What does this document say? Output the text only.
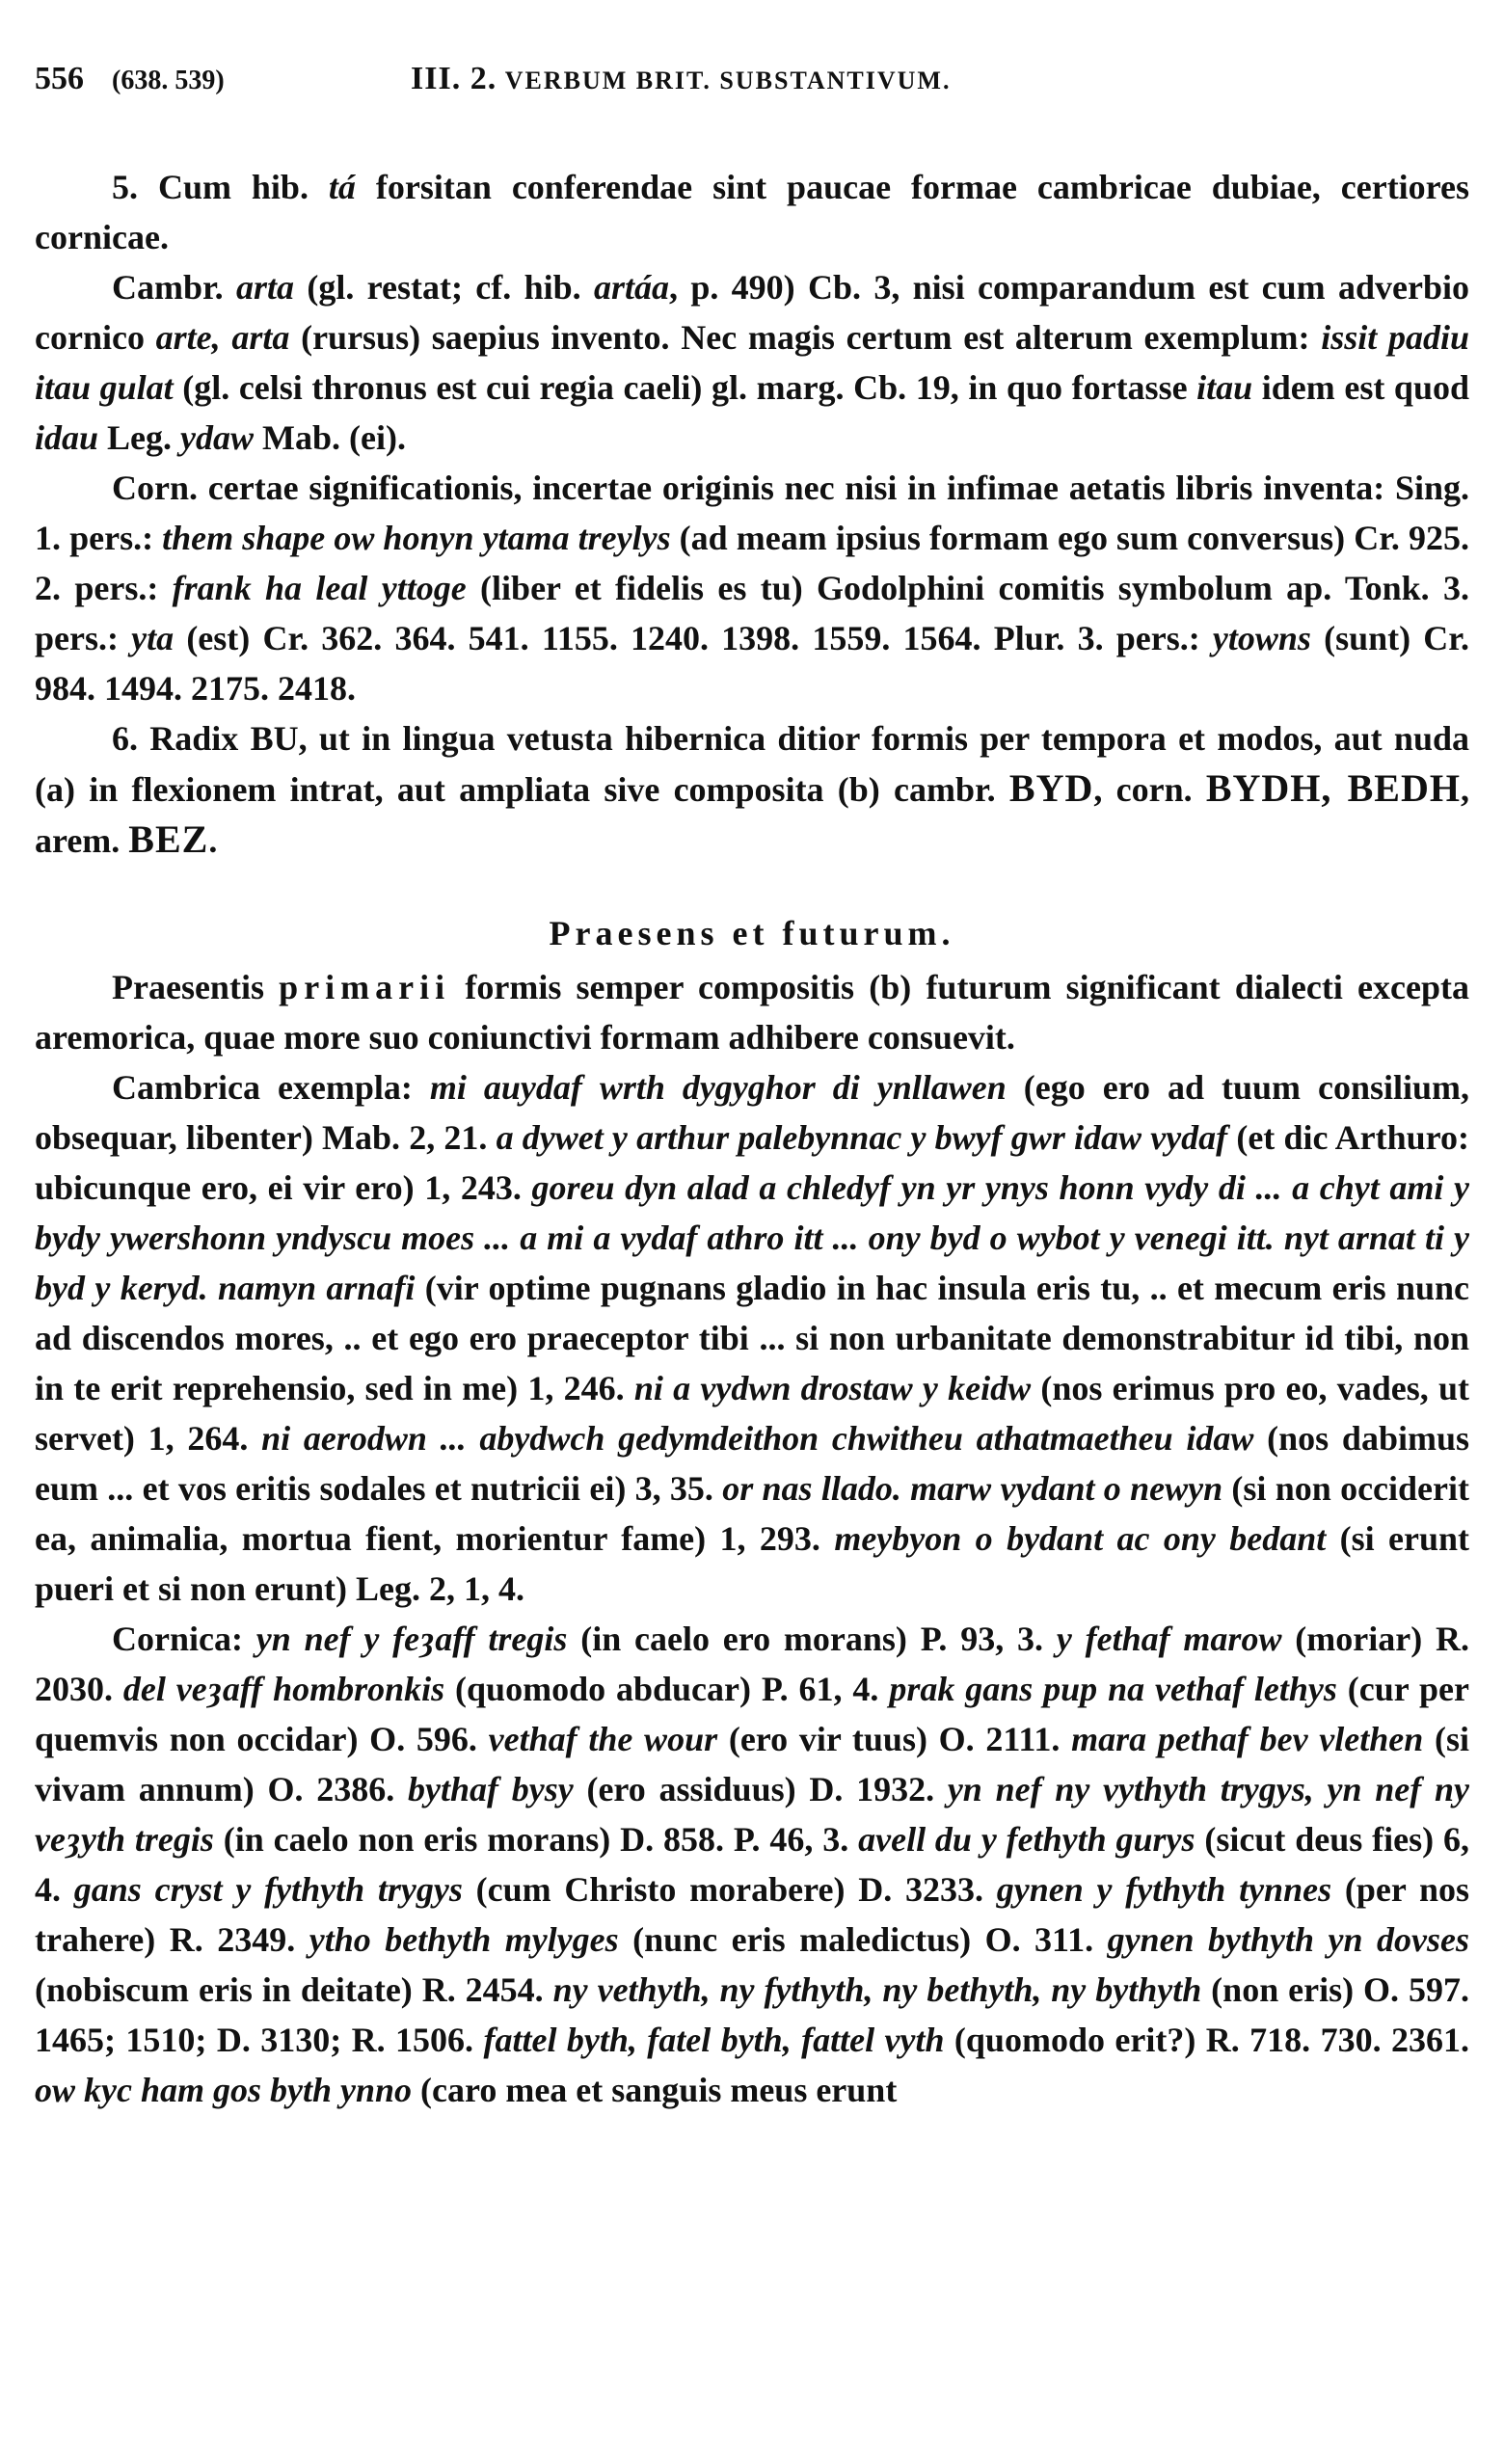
556	(638. 539)	III. 2.
VERBUM BRIT. SUBSTANTIVUM.

5. Cum hib. tá forsitan conferendae sint paucae formae cambricae dubiae, certiores cornicae.

Cambr. arta (gl. restat; cf. hib. artáa, p. 490) Cb. 3, nisi comparandum est cum adverbio cornico arte, arta (rursus) saepius invento. Nec magis certum est alterum exemplum: issit padiu itau gulat (gl. celsi thronus est cui regia caeli) gl. marg. Cb. 19, in quo fortasse itau idem est quod idau Leg. ydaw Mab. (ei).

Corn. certae significationis, incertae originis nec nisi in infimae aetatis libris inventa: Sing. 1. pers.: them shape ow honyn ytama treylys (ad meam ipsius formam ego sum conversus) Cr. 925. 2. pers.: frank ha leal yttoge (liber et fidelis es tu) Godolphini comitis symbolum ap. Tonk. 3. pers.: yta (est) Cr. 362. 364. 541. 1155. 1240. 1398. 1559. 1564. Plur. 3. pers.: ytowns (sunt) Cr. 984. 1494. 2175. 2418.

6. Radix BU, ut in lingua vetusta hibernica ditior formis per tempora et modos, aut nuda (a) in flexionem intrat, aut ampliata sive composita (b) cambr. BYD, corn. BYDH, BEDH, arem. BEZ.

Praesens et futurum.

Praesentis primarii formis semper compositis (b) futurum significant dialecti excepta aremorica, quae more suo coniunctivi formam adhibere consuevit.

Cambrica exempla: mi auydaf wrth dygyghor di ynllawen (ego ero ad tuum consilium, obsequar, libenter) Mab. 2, 21. a dywet y arthur palebynnac y bwyf gwr idaw vydaf (et dic Arthuro: ubicunque ero, ei vir ero) 1, 243. goreu dyn alad a chledyf yn yr ynys honn vydy di ... a chyt ami y bydy ywershonn yndyscu moes ... a mi a vydaf athro itt ... ony byd o wybot y venegi itt. nyt arnat ti y byd y keryd. namyn arnafi (vir optime pugnans gladio in hac insula eris tu, .. et mecum eris nunc ad discendos mores, .. et ego ero praeceptor tibi ... si non urbanitate demonstrabitur id tibi, non in te erit reprehensio, sed in me) 1, 246. ni a vydwn drostaw y keidw (nos erimus pro eo, vades, ut servet) 1, 264. ni aerodwn ... abydwch gedymdeithon chwitheu athatmaetheu idaw (nos dabimus eum ... et vos eritis sodales et nutricii ei) 3, 35. or nas llado. marw vydant o newyn (si non occiderit ea, animalia, mortua fient, morientur fame) 1, 293. meybyon o bydant ac ony bedant (si erunt pueri et si non erunt) Leg. 2, 1, 4.

Cornica: yn nef y feȝaff tregis (in caelo ero morans) P. 93, 3. y fethaf marow (moriar) R. 2030. del veȝaff hombronkis (quomodo abducar) P. 61, 4. prak gans pup na vethaf lethys (cur per quemvis non occidar) O. 596. vethaf the wour (ero vir tuus) O. 2111. mara pethaf bev vlethen (si vivam annum) O. 2386. bythaf bysy (ero assiduus) D. 1932. yn nef ny vythyth trygys, yn nef ny veȝyth tregis (in caelo non eris morans) D. 858. P. 46, 3. avell du y fethyth gurys (sicut deus fies) 6, 4. gans cryst y fythyth trygys (cum Christo morabere) D. 3233. gynen y fythyth tynnes (per nos trahere) R. 2349. ytho bethyth mylyges (nunc eris maledictus) O. 311. gynen bythyth yn dovses (nobiscum eris in deitate) R. 2454. ny vethyth, ny fythyth, ny bethyth, ny bythyth (non eris) O. 597. 1465; 1510; D. 3130; R. 1506. fattel byth, fatel byth, fattel vyth (quomodo erit?) R. 718. 730. 2361. ow kyc ham gos byth ynno (caro mea et sanguis meus erunt
